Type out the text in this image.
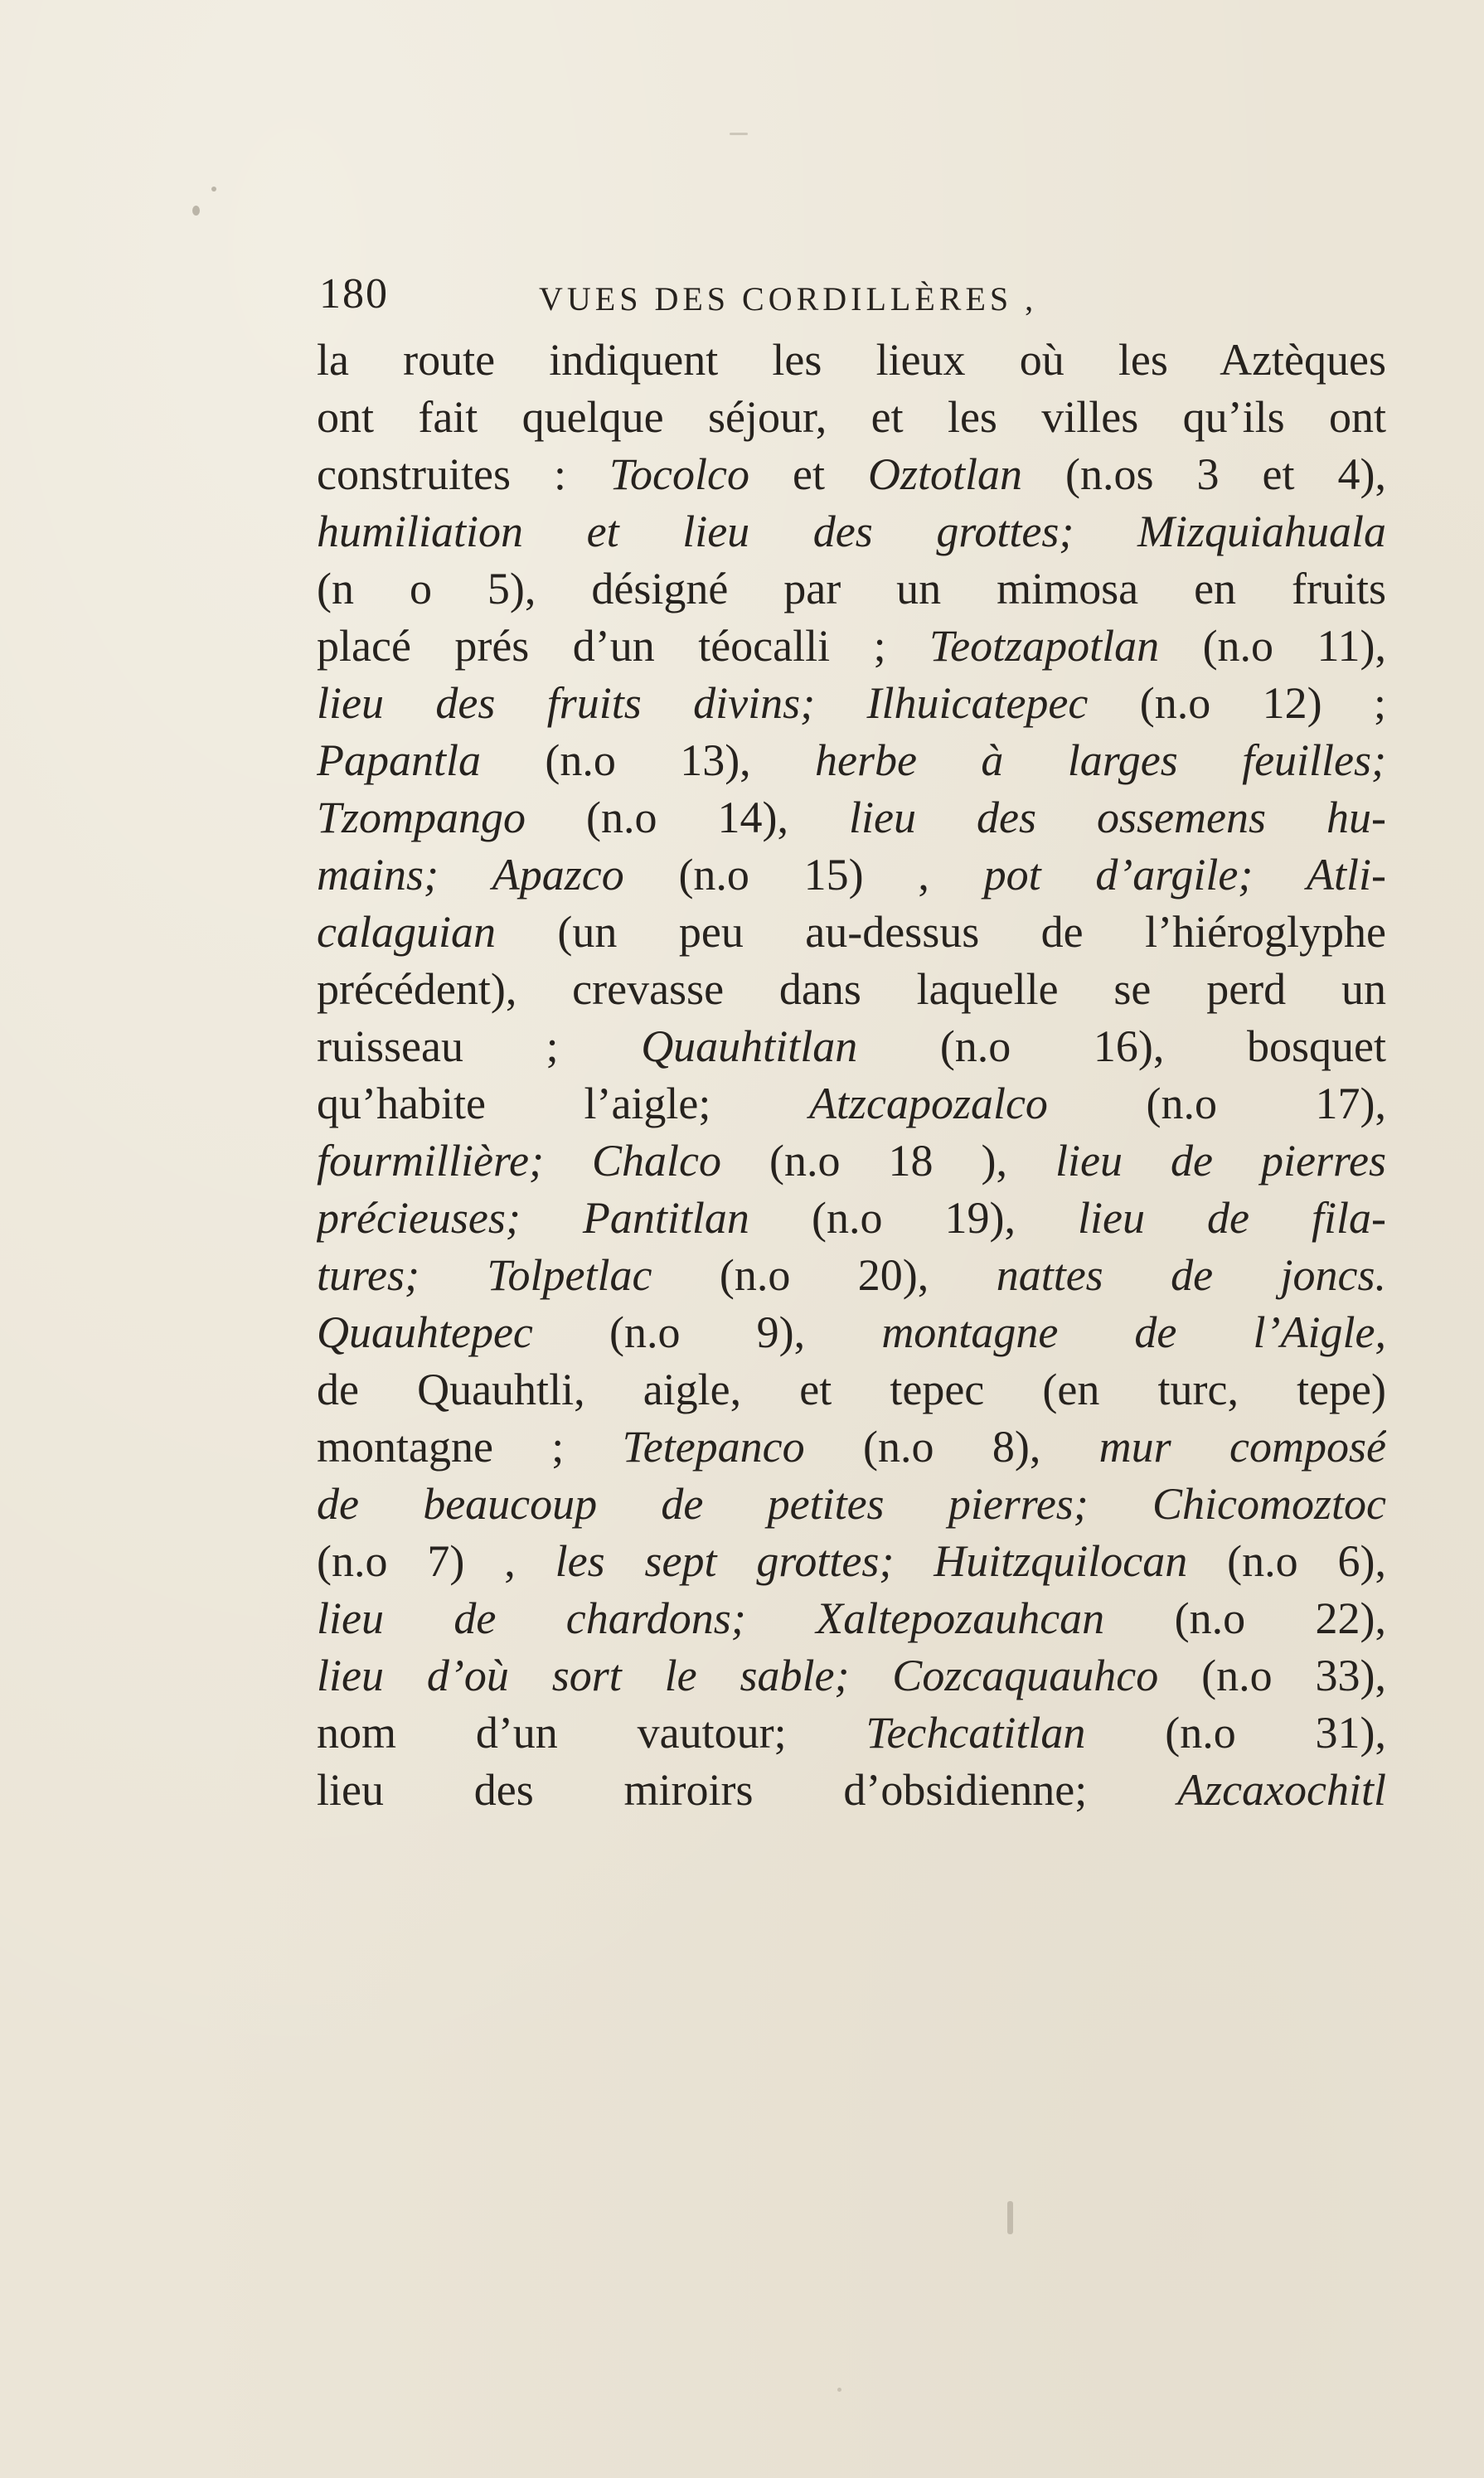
180	VUES DES CORDILLÈRES ,
la route indiquent les lieux où les Aztèques
ont fait quelque séjour, et les villes qu’ils ont
construites : Tocolco et Oztotlan (n.os 3 et 4),
humiliation et lieu des grottes; Mizquiahuala
(n o 5), désigné par un mimosa en fruits
placé prés d’un téocalli ; Teotzapotlan (n.o 11),
lieu des fruits divins; Ilhuicatepec (n.o 12) ;
Papantla (n.o 13), herbe à larges feuilles;
Tzompango (n.o 14), lieu des ossemens hu-
mains; Apazco (n.o 15) , pot d’argile; Atli-
calaguian (un peu au-dessus de l’hiéroglyphe
précédent), crevasse dans laquelle se perd un
ruisseau ; Quauhtitlan (n.o 16), bosquet
qu’habite l’aigle; Atzcapozalco (n.o 17),
fourmillière; Chalco (n.o 18 ), lieu de pierres
précieuses; Pantitlan (n.o 19), lieu de fila-
tures; Tolpetlac (n.o 20), nattes de joncs.
Quauhtepec (n.o 9), montagne de l’Aigle,
de Quauhtli, aigle, et tepec (en turc, tepe)
montagne ; Tetepanco (n.o 8), mur composé
de beaucoup de petites pierres; Chicomoztoc
(n.o 7) , les sept grottes; Huitzquilocan (n.o 6),
lieu de chardons; Xaltepozauhcan (n.o 22),
lieu d’où sort le sable; Cozcaquauhco (n.o 33),
nom d’un vautour; Techcatitlan (n.o 31),
lieu des miroirs d’obsidienne; Azcaxochitl
